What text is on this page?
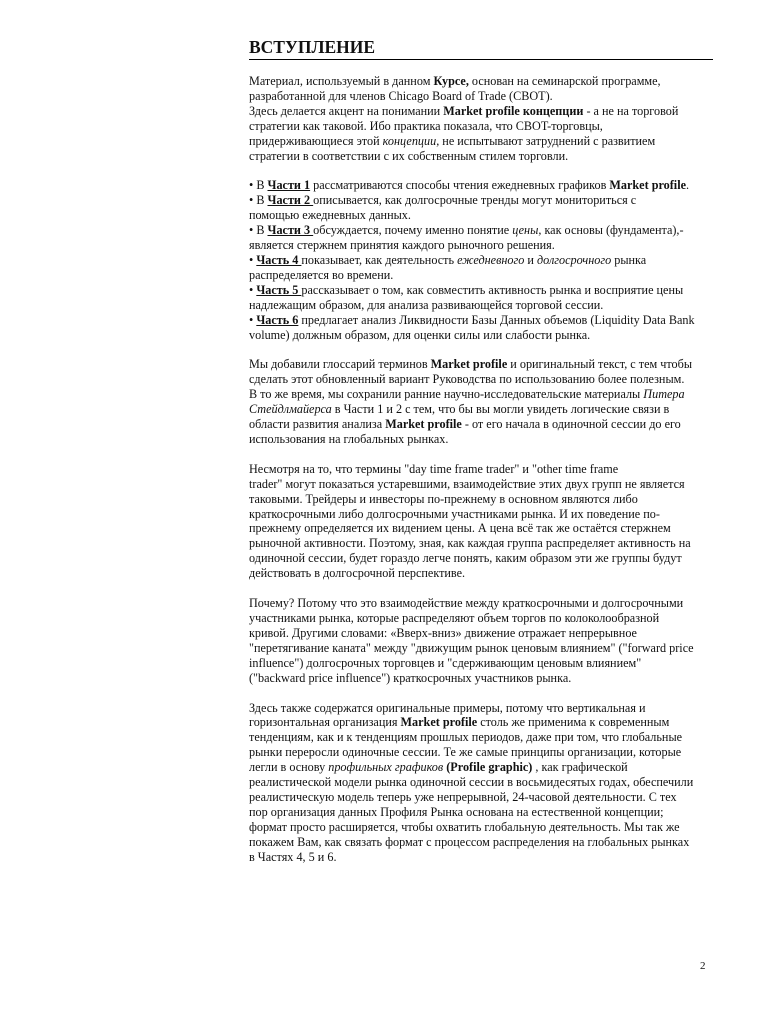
ВСТУПЛЕНИЕ
Материал, используемый в данном Курсе, основан на семинарской программе,
разработанной для членов Chicago Board of Trade (CBOT).
Здесь делается акцент на понимании Market profile концепции - а не на торговой
стратегии как таковой. Ибо практика показала, что CBOT-торговцы,
придерживающиеся этой концепции, не испытывают затруднений с развитием
стратегии в соответствии с их собственным стилем торговли.
• В Части 1 рассматриваются способы чтения ежедневных графиков Market profile.
• В Части 2 описывается, как долгосрочные тренды могут мониториться с
помощью ежедневных данных.
• В Части 3 обсуждается, почему именно понятие цены, как основы (фундамента),-
является стержнем принятия каждого рыночного решения.
• Часть 4 показывает, как деятельность ежедневного и долгосрочного рынка
распределяется во времени.
• Часть 5 рассказывает о том, как совместить активность рынка и восприятие цены
надлежащим образом, для анализа развивающейся торговой сессии.
• Часть 6 предлагает анализ Ликвидности Базы Данных объемов (Liquidity Data Bank
volume) должным образом, для оценки силы или слабости рынка.
Мы добавили глоссарий терминов Market profile и оригинальный текст, с тем чтобы
сделать этот обновленный вариант Руководства по использованию более полезным.
В то же время, мы сохранили ранние научно-исследовательские материалы Питера
Стейдлмайерса в Части 1 и 2 с тем, что бы вы могли увидеть логические связи в
области развития анализа Market profile - от его начала в одиночной сессии до его
использования на глобальных рынках.
Несмотря на то, что термины "day time frame trader" и "other time frame
trader" могут показаться устаревшими, взаимодействие этих двух групп не является
таковыми. Трейдеры и инвесторы по-прежнему в основном являются либо
краткосрочными либо долгосрочными участниками рынка. И их поведение по-
прежнему определяется их видением цены. А цена всё так же остаётся стержнем
рыночной активности. Поэтому, зная, как каждая группа распределяет активность на
одиночной сессии, будет гораздо легче понять, каким образом эти же группы будут
действовать в долгосрочной перспективе.
Почему? Потому что это взаимодействие между краткосрочными и долгосрочными
участниками рынка, которые распределяют объем торгов по колоколообразной
кривой. Другими словами: «Вверх-вниз» движение отражает непрерывное
"перетягивание каната" между "движущим рынок ценовым влиянием" ("forward price
influence") долгосрочных торговцев и "сдерживающим ценовым влиянием"
("backward price influence") краткосрочных участников рынка.
Здесь также содержатся оригинальные примеры, потому что вертикальная и
горизонтальная организация Market profile столь же применима к современным
тенденциям, как и к тенденциям прошлых периодов, даже при том, что глобальные
рынки переросли одиночные сессии. Те же самые принципы организации, которые
легли в основу профильных графиков (Profile graphic) , как графической
реалистической модели рынка одиночной сессии в восьмидесятых годах, обеспечили
реалистическую модель теперь уже непрерывной, 24-часовой деятельности. С тех
пор организация данных Профиля Рынка основана на естественной концепции;
формат просто расширяется, чтобы охватить глобальную деятельность. Мы так же
покажем Вам, как связать формат с процессом распределения на глобальных рынках
в Частях 4, 5 и 6.
2
